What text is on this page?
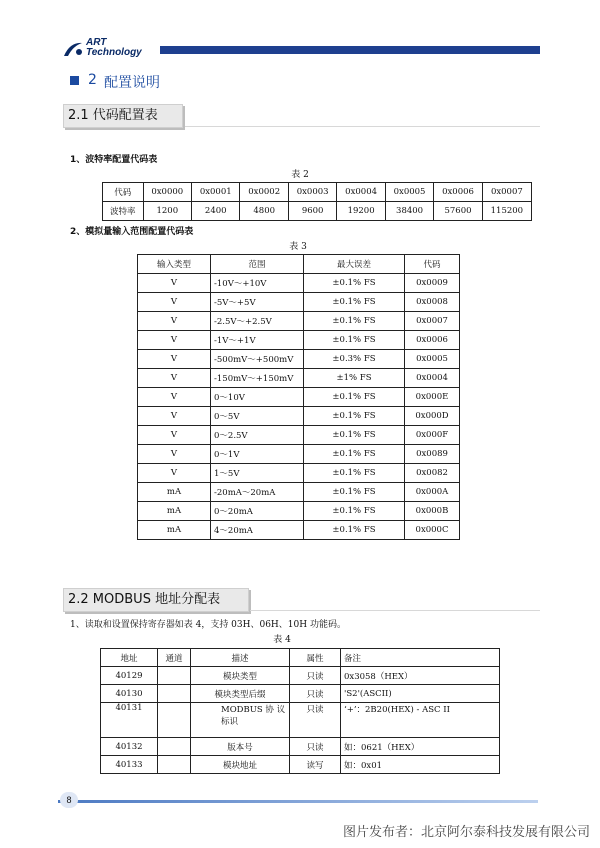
ART
Technology
2 配置说明
2.1 代码配置表
1、波特率配置代码表
表 2
代码	0x0000	0x0001	0x0002	0x0003	0x0004	0x0005	0x0006	0x0007
波特率	1200	2400	4800	9600	19200	38400	57600	115200
2、模拟量输入范围配置代码表
表 3
输入类型	范围	最大误差	代码
V	-10V～+10V	±0.1% FS	0x0009
V	-5V～+5V	±0.1% FS	0x0008
V	-2.5V～+2.5V	±0.1% FS	0x0007
V	-1V～+1V	±0.1% FS	0x0006
V	-500mV～+500mV	±0.3% FS	0x0005
V	-150mV～+150mV	±1% FS	0x0004
V	0～10V	±0.1% FS	0x000E
V	0～5V	±0.1% FS	0x000D
V	0～2.5V	±0.1% FS	0x000F
V	0～1V	±0.1% FS	0x0089
V	1～5V	±0.1% FS	0x0082
mA	-20mA～20mA	±0.1% FS	0x000A
mA	0～20mA	±0.1% FS	0x000B
mA	4～20mA	±0.1% FS	0x000C
2.2 MODBUS 地址分配表
1、读取和设置保持寄存器如表 4，支持 03H、06H、10H 功能码。
表 4
地址	通道	描述	属性	备注
40129		模块类型	只读	0x3058（HEX）
40130		模块类型后缀	只读	'S2'(ASCII)
40131		MODBUS 协 议 标识	只读	‘+’：2B20(HEX) - ASC II
40132		版本号	只读	如：0621（HEX）
40133		模块地址	读写	如：0x01
8
图片发布者：北京阿尔泰科技发展有限公司
